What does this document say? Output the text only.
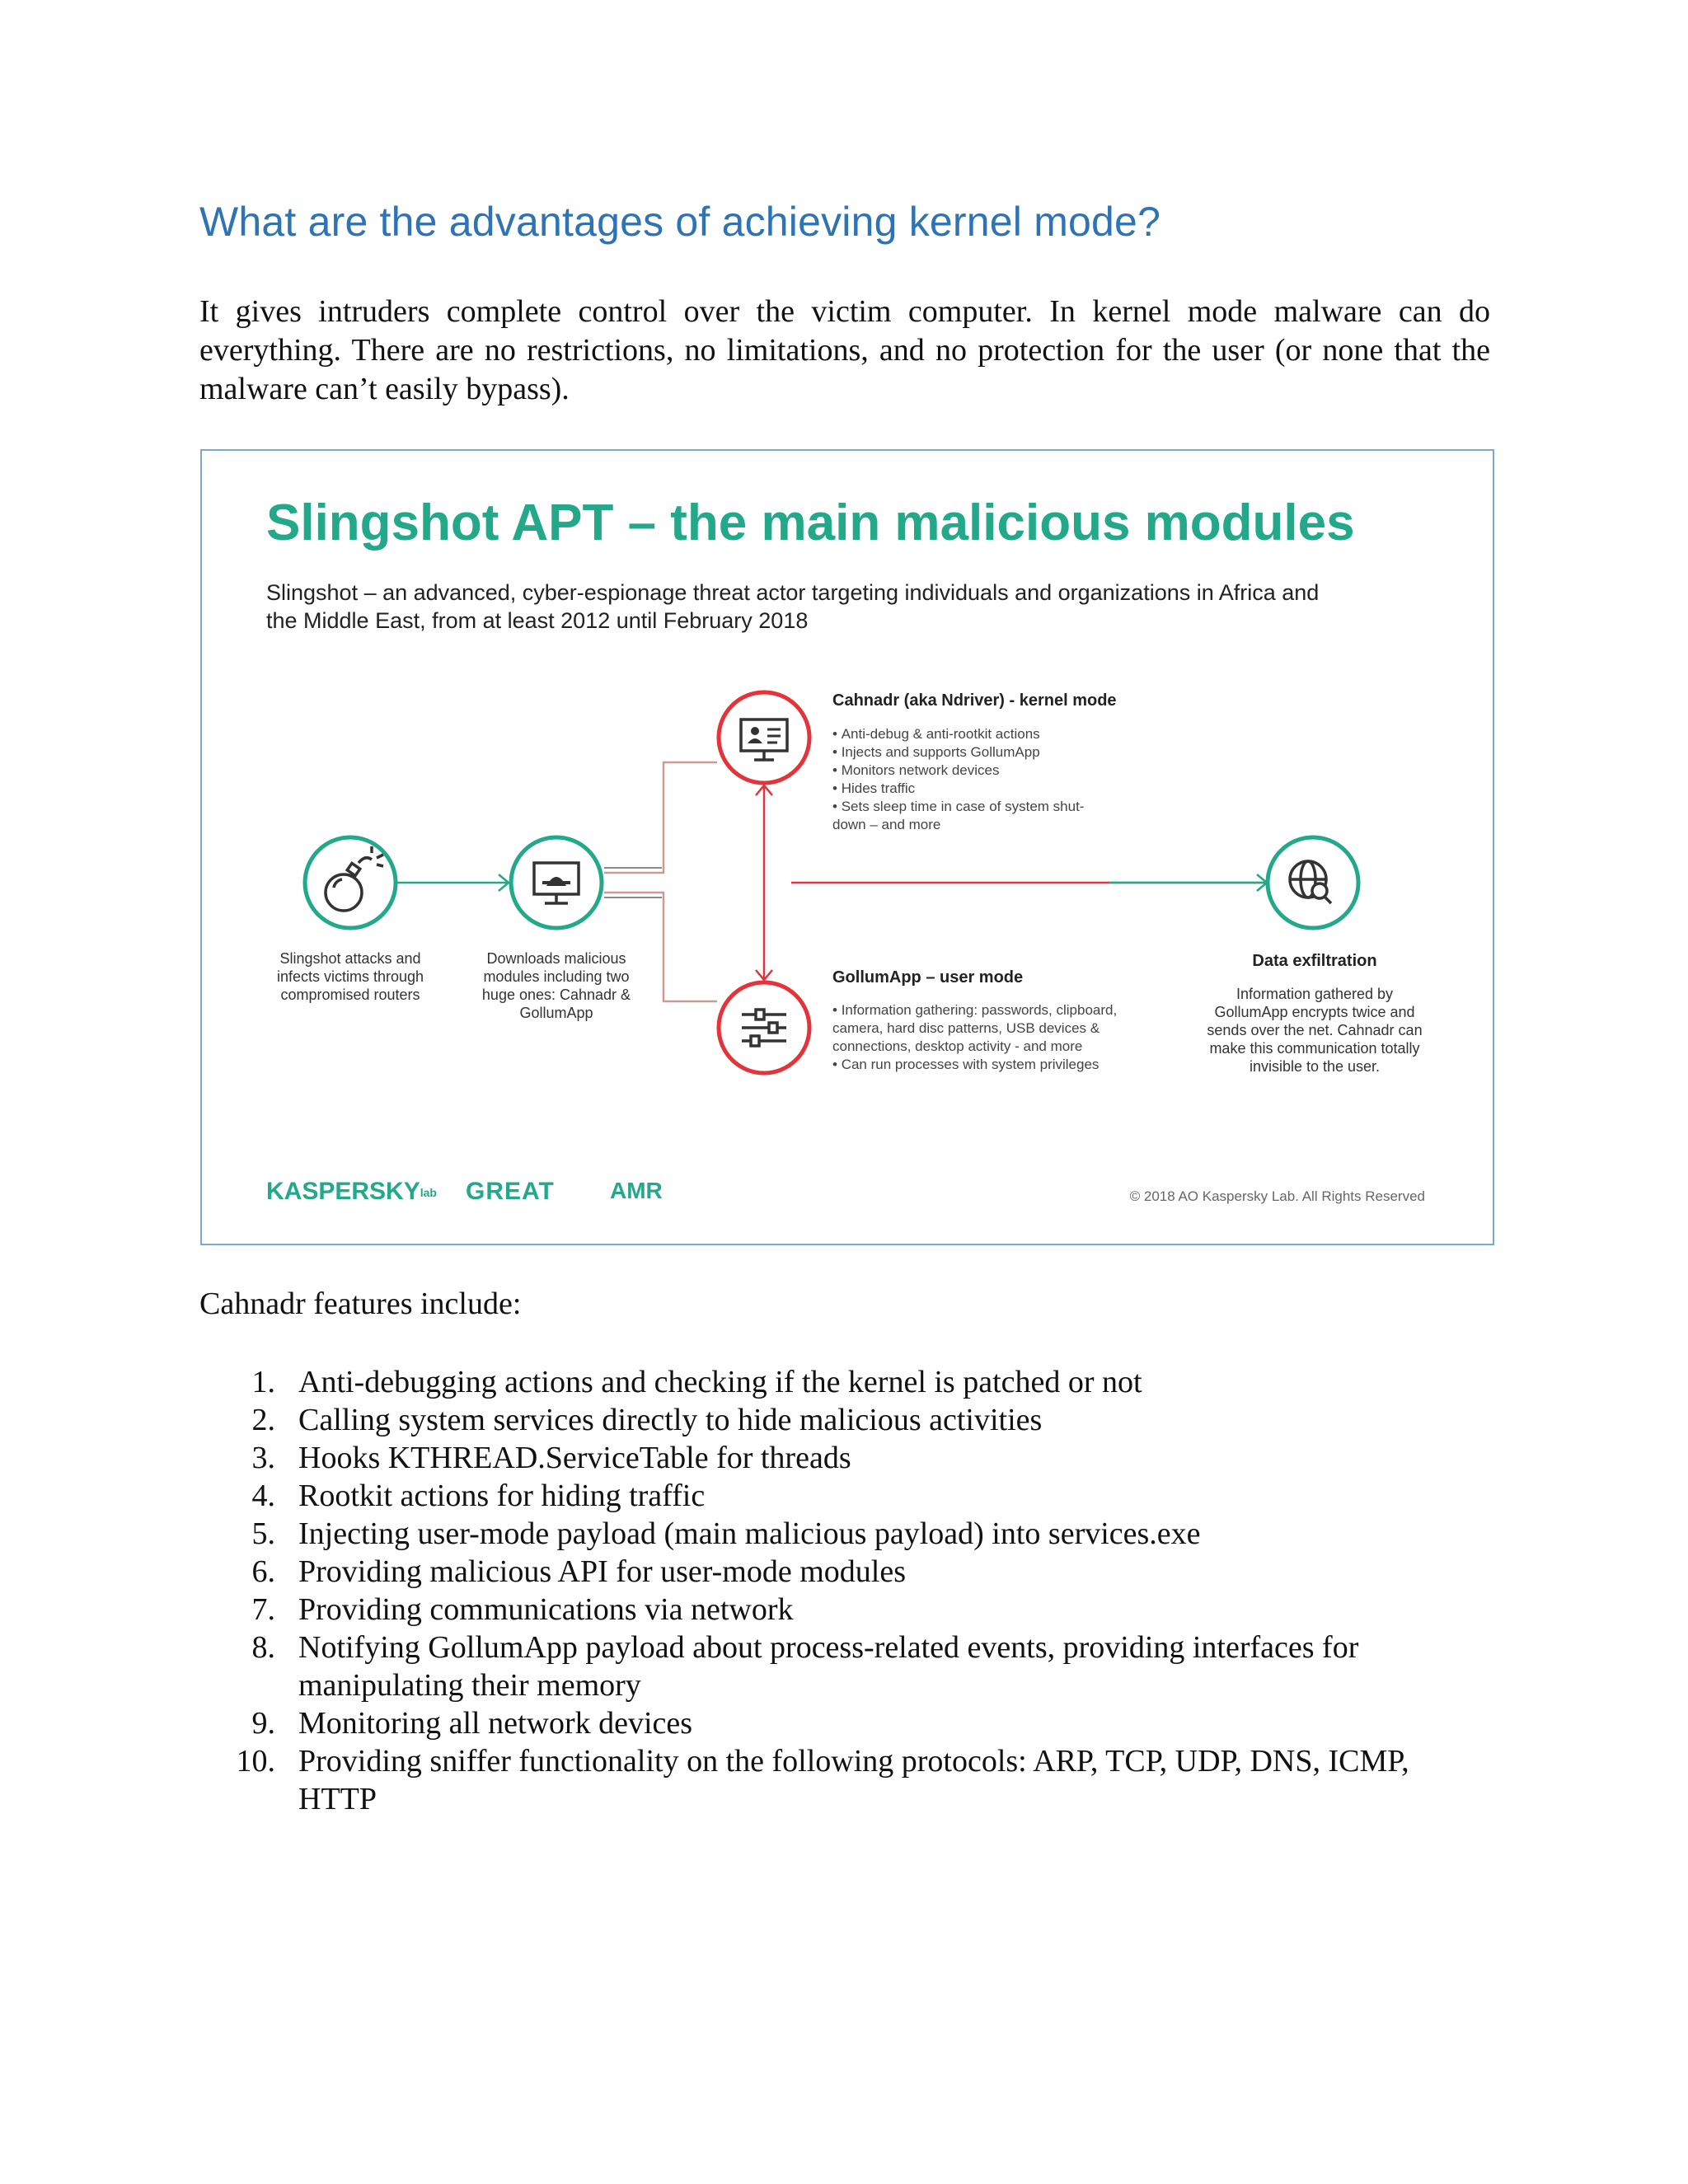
What are the advantages of achieving kernel mode?

It gives intruders complete control over the victim computer. In kernel mode malware can do everything. There are no restrictions, no limitations, and no protection for the user (or none that the malware can’t easily bypass).

Slingshot APT – the main malicious modules

Slingshot – an advanced, cyber-espionage threat actor targeting individuals and organizations in Africa and the Middle East, from at least 2012 until February 2018

Slingshot attacks and infects victims through compromised routers

Downloads malicious modules including two huge ones: Cahnadr & GollumApp

Cahnadr (aka Ndriver) - kernel mode

• Anti-debug & anti-rootkit actions
• Injects and supports GollumApp
• Monitors network devices
• Hides traffic
• Sets sleep time in case of system shut-down – and more

GollumApp – user mode

• Information gathering: passwords, clipboard, camera, hard disc patterns, USB devices & connections, desktop activity - and more
• Can run processes with system privileges

Data exfiltration

Information gathered by GollumApp encrypts twice and sends over the net. Cahnadr can make this communication totally invisible to the user.

KASPERSKYlab GREAT AMR	© 2018 AO Kaspersky Lab. All Rights Reserved

Cahnadr features include:

1. Anti-debugging actions and checking if the kernel is patched or not
2. Calling system services directly to hide malicious activities
3. Hooks KTHREAD.ServiceTable for threads
4. Rootkit actions for hiding traffic
5. Injecting user-mode payload (main malicious payload) into services.exe
6. Providing malicious API for user-mode modules
7. Providing communications via network
8. Notifying GollumApp payload about process-related events, providing interfaces for manipulating their memory
9. Monitoring all network devices
10. Providing sniffer functionality on the following protocols: ARP, TCP, UDP, DNS, ICMP, HTTP
